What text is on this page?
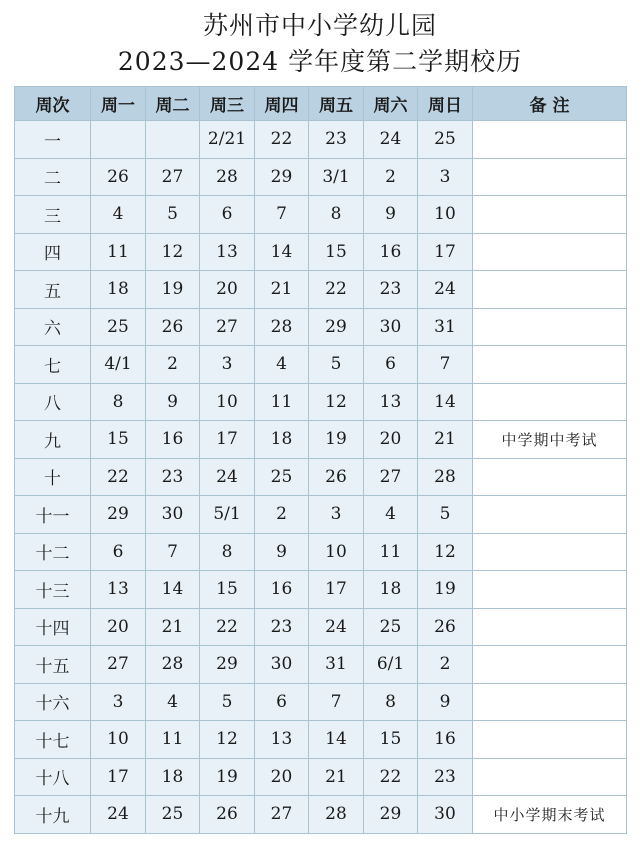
苏州市中小学幼儿园
2023—2024 学年度第二学期校历
周次	周一	周二	周三	周四	周五	周六	周日	备 注
一			2/21	22	23	24	25	
二	26	27	28	29	3/1	2	3	
三	4	5	6	7	8	9	10	
四	11	12	13	14	15	16	17	
五	18	19	20	21	22	23	24	
六	25	26	27	28	29	30	31	
七	4/1	2	3	4	5	6	7	
八	8	9	10	11	12	13	14	
九	15	16	17	18	19	20	21	中学期中考试
十	22	23	24	25	26	27	28	
十一	29	30	5/1	2	3	4	5	
十二	6	7	8	9	10	11	12	
十三	13	14	15	16	17	18	19	
十四	20	21	22	23	24	25	26	
十五	27	28	29	30	31	6/1	2	
十六	3	4	5	6	7	8	9	
十七	10	11	12	13	14	15	16	
十八	17	18	19	20	21	22	23	
十九	24	25	26	27	28	29	30	中小学期末考试
